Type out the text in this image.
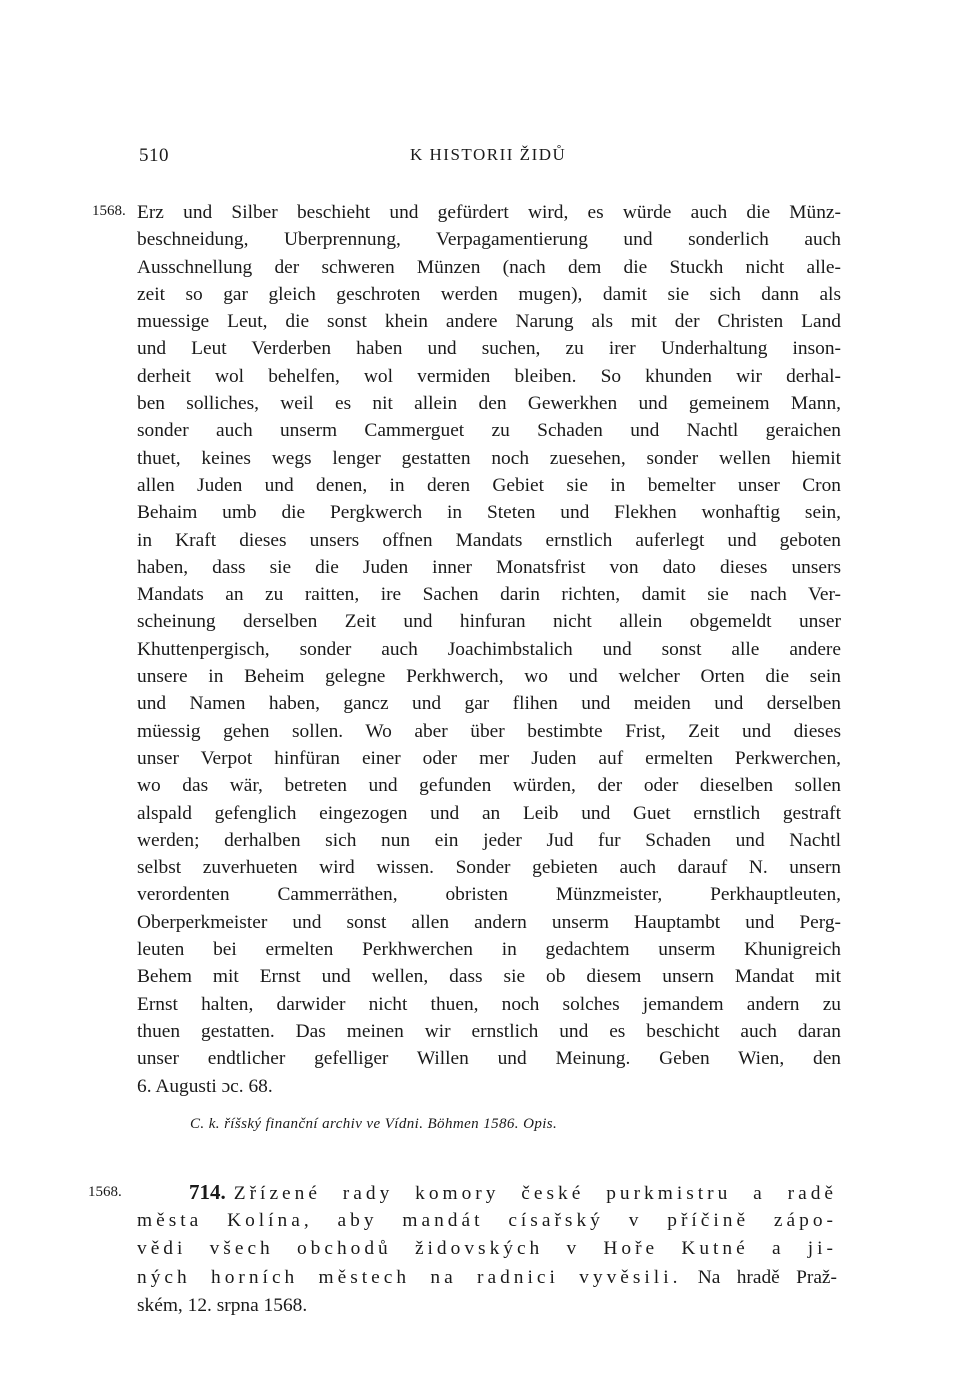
510	K HISTORII ŽIDŮ
1568. Erz und Silber beschieht und gefürdert wird, es würde auch die Münz-
beschneidung, Uberprennung, Verpagamentierung und sonderlich auch
Ausschnellung der schweren Münzen (nach dem die Stuckh nicht alle-
zeit so gar gleich geschroten werden mugen), damit sie sich dann als
muessige Leut, die sonst khein andere Narung als mit der Christen Land
und Leut Verderben haben und suchen, zu irer Underhaltung inson-
derheit wol behelfen, wol vermiden bleiben. So khunden wir derhal-
ben solliches, weil es nit allein den Gewerkhen und gemeinem Mann,
sonder auch unserm Cammerguet zu Schaden und Nachtl geraichen
thuet, keines wegs lenger gestatten noch zuesehen, sonder wellen hiemit
allen Juden und denen, in deren Gebiet sie in bemelter unser Cron
Behaim umb die Pergkwerch in Steten und Flekhen wonhaftig sein,
in Kraft dieses unsers offnen Mandats ernstlich auferlegt und geboten
haben, dass sie die Juden inner Monatsfrist von dato dieses unsers
Mandats an zu raitten, ire Sachen darin richten, damit sie nach Ver-
scheinung derselben Zeit und hinfuran nicht allein obgemeldt unser
Khuttenpergisch, sonder auch Joachimbstalich und sonst alle andere
unsere in Beheim gelegne Perkhwerch, wo und welcher Orten die sein
und Namen haben, gancz und gar flihen und meiden und derselben
müessig gehen sollen. Wo aber über bestimbte Frist, Zeit und dieses
unser Verpot hinfüran einer oder mer Juden auf ermelten Perkwerchen,
wo das wär, betreten und gefunden würden, der oder dieselben sollen
alspald gefenglich eingezogen und an Leib und Guet ernstlich gestraft
werden; derhalben sich nun ein jeder Jud fur Schaden und Nachtl
selbst zuverhueten wird wissen. Sonder gebieten auch darauf N. unsern
verordenten Cammerräthen, obristen Münzmeister, Perkhauptleuten,
Oberperkmeister und sonst allen andern unserm Hauptambt und Perg-
leuten bei ermelten Perkhwerchen in gedachtem unserm Khunigreich
Behem mit Ernst und wellen, dass sie ob diesem unsern Mandat mit
Ernst halten, darwider nicht thuen, noch solches jemandem andern zu
thuen gestatten. Das meinen wir ernstlich und es beschicht auch daran
unser endtlicher gefelliger Willen und Meinung. Geben Wien, den
6. Augusti ɔc. 68.
C. k. říšský finanční archiv ve Vídni. Böhmen 1586. Opis.
1568.	714. Zřízené rady komory české purkmistru a radě
města Kolína, aby mandát císařský v příčině zápo-
vědi všech obchodů židovských v Hoře Kutné a ji-
ných horních městech na radnici vyvěsili. Na hradě Praž-
ském, 12. srpna 1568.
